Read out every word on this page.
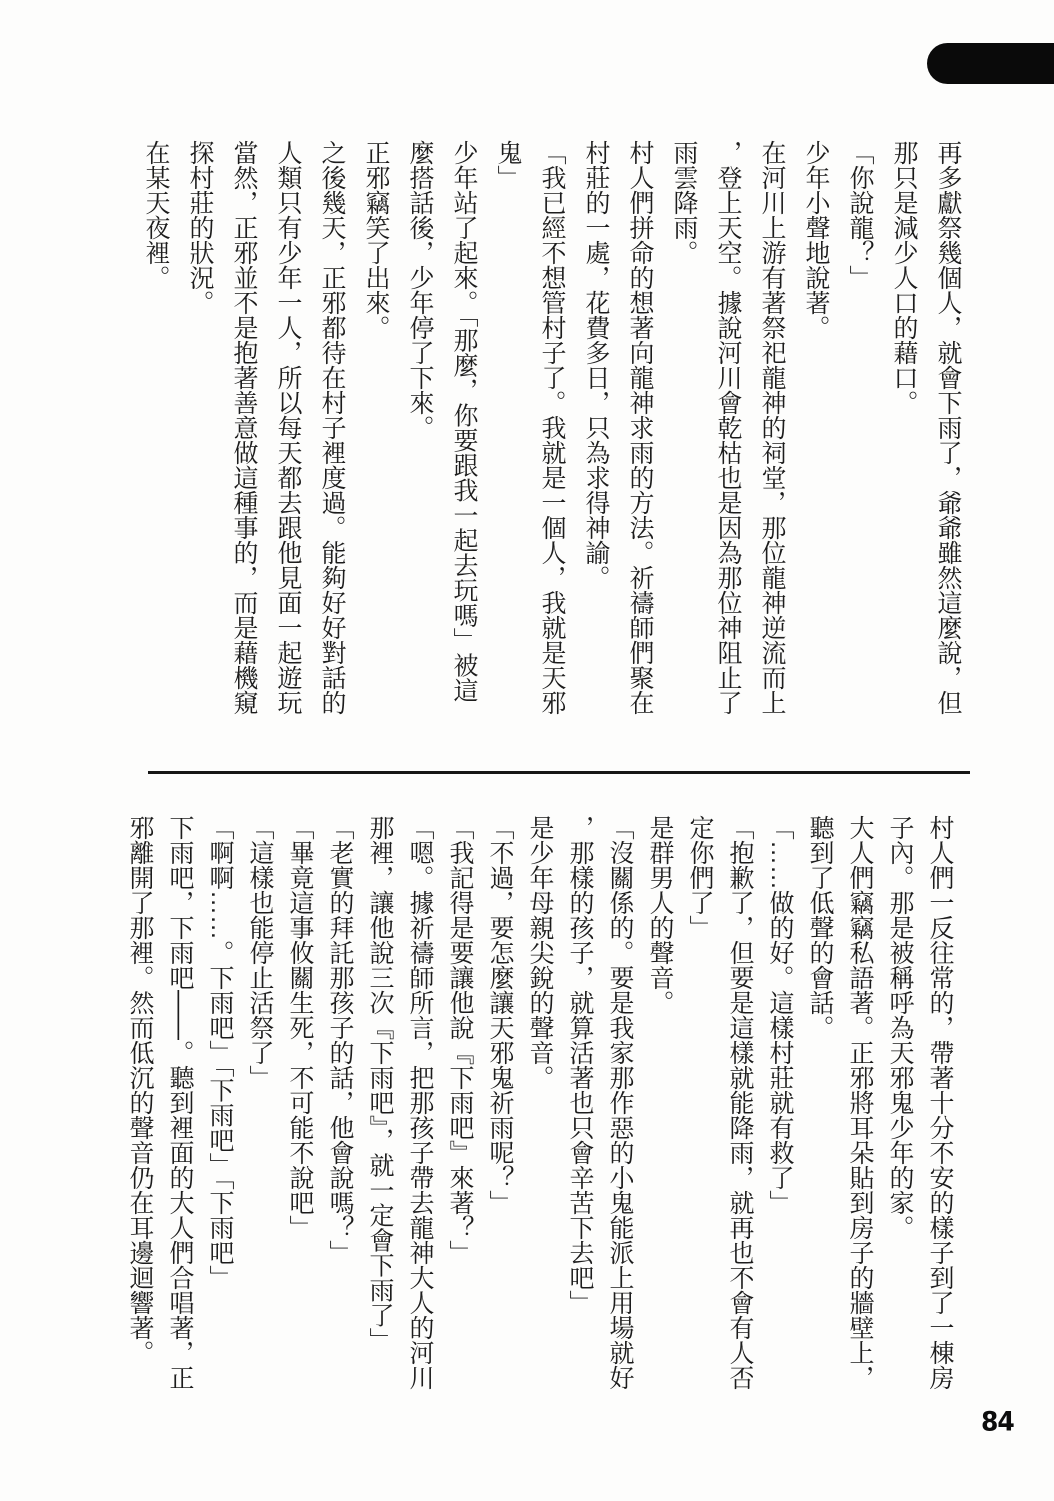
再多獻祭幾個人，就會下雨了，爺爺雖然這麼說，但
那只是減少人口的藉口。
「你說龍？」
少年小聲地說著。
在河川上游有著祭祀龍神的祠堂，那位龍神逆流而上
，登上天空。據說河川會乾枯也是因為那位神阻止了
雨雲降雨。
村人們拼命的想著向龍神求雨的方法。祈禱師們聚在
村莊的一處，花費多日，只為求得神諭。
「我已經不想管村子了。我就是一個人，我就是天邪
鬼」
少年站了起來。「那麼，你要跟我一起去玩嗎」被這
麼搭話後，少年停了下來。
正邪竊笑了出來。
之後幾天，正邪都待在村子裡度過。能夠好好對話的
人類只有少年一人，所以每天都去跟他見面一起遊玩
當然，正邪並不是抱著善意做這種事的，而是藉機窺
探村莊的狀況。
在某天夜裡。
村人們一反往常的，帶著十分不安的樣子到了一棟房
子內。那是被稱呼為天邪鬼少年的家。
大人們竊竊私語著。正邪將耳朵貼到房子的牆壁上，
聽到了低聲的會話。
「……做的好。這樣村莊就有救了」
「抱歉了，但要是這樣就能降雨，就再也不會有人否
定你們了」
是群男人的聲音。
「沒關係的。要是我家那作惡的小鬼能派上用場就好
，那樣的孩子，就算活著也只會辛苦下去吧」
是少年母親尖銳的聲音。
「不過，要怎麼讓天邪鬼祈雨呢？」
「我記得是要讓他說『下雨吧』來著？」
「嗯。據祈禱師所言，把那孩子帶去龍神大人的河川
那裡，讓他說三次『下雨吧』，就一定會下雨了」
「老實的拜託那孩子的話，他會說嗎？」
「畢竟這事攸關生死，不可能不說吧」
「這樣也能停止活祭了」
「啊啊……。下雨吧」「下雨吧」「下雨吧」
下雨吧，下雨吧——。聽到裡面的大人們合唱著，正
邪離開了那裡。然而低沉的聲音仍在耳邊迴響著。
84
